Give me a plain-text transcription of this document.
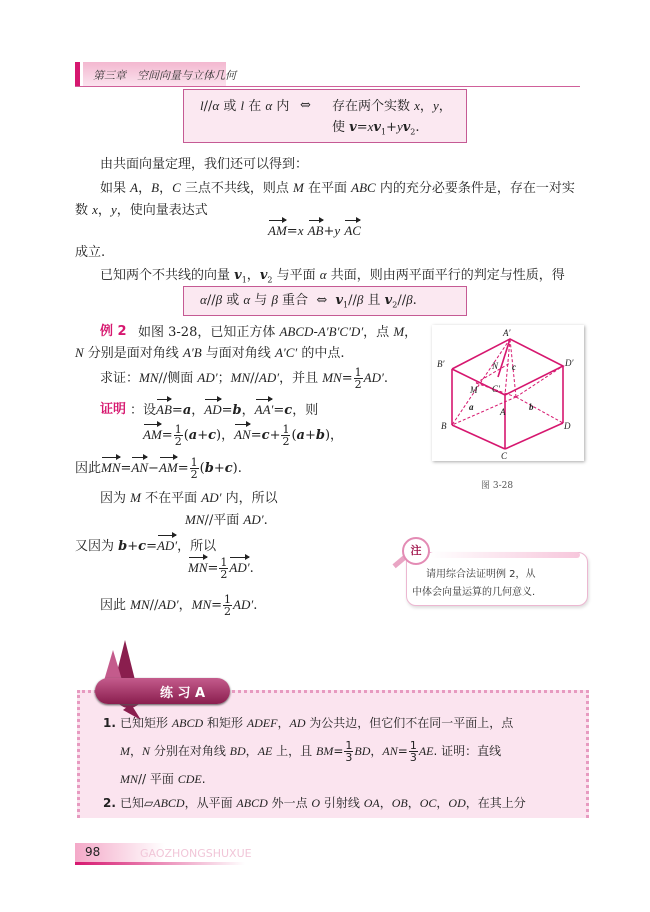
第三章　空间向量与立体几何
l//α 或 l 在 α 内 ⇔ 存在两个实数 x，y，
使 $v=xv_1+yv_2$.
由共面向量定理，我们还可以得到：
如果 A，B，C 三点不共线，则点 M 在平面 ABC 内的充分必要条件是，存在一对实
数 x，y，使向量表达式
AM=x AB+y AC
成立.
已知两个不共线的向量 $v_1$，$v_2$ 与平面 α 共面，则由两平面平行的判定与性质，得
α//β 或 α 与 β 重合  ⇔  $v_1//\beta$ 且 $v_2//\beta$.
例 2 如图 3-28，已知正方体 ABCD-A′B′C′D′，点 M，
N 分别是面对角线 A′B 与面对角线 A′C′ 的中点.
求证：MN//侧面 AD′；MN//AD′，并且 $MN= \frac{1}{2} AD'$.
证明 ：设AB=a，AD=b，AA′=c，则
$AM= \frac{1}{2} (a+c)$，$AN=c+ \frac{1}{2} (a+b)$，
因此$MN=AN-AM= \frac{1}{2} (b+c)$.
因为 M 不在平面 AD′ 内，所以
MN//平面 AD′.
又因为 b+c=AD′，所以
$MN= \frac{1}{2} AD'$.
因此 MN//AD′，$MN= \frac{1}{2} AD'$.
A′
B′	D′
C′
N c
M
a	A	b
B	D
C
图 3-28
注
请用综合法证明例 2，从
中体会向量运算的几何意义.
练 习 A
1. 已知矩形 ABCD 和矩形 ADEF，AD 为公共边，但它们不在同一平面上，点
M，N 分别在对角线 BD，AE 上，且 $BM= \frac{1}{3}$ BD，$AN= \frac{1}{3}$ AE. 证明：直线
MN// 平面 CDE.
2. 已知▱ABCD，从平面 ABCD 外一点 O 引射线 OA，OB，OC，OD，在其上分
98	GAOZHONGSHUXUE
